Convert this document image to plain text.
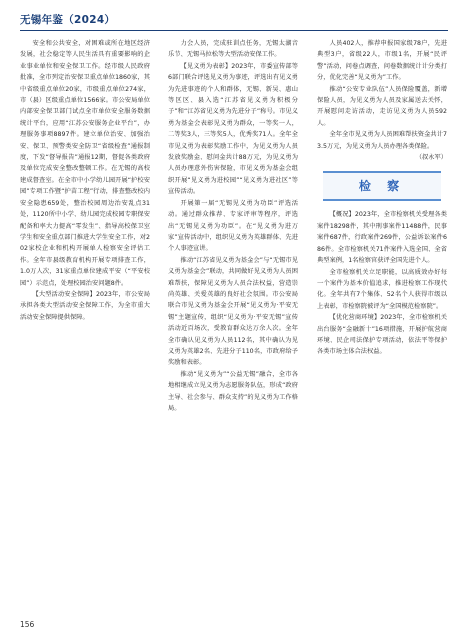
无锡年鉴（2024）

安全和公共安全，对困难或所在地区经济发展，社会稳定等人民生活具有重要影响的企业事业单位和安全保卫工作。经市级人民政府批准，全市列定治安保卫重点单位1860家，其中省级重点单位20家，市级重点单位274家，市（县）区级重点单位1566家。市公安局单位内部安全保卫部门试点全市单位安全服务数据统计平台，应用“江苏公安服务企业平台”，办理服务事项8897件。建立单位治安、加强治安、保卫、预警类安全防卫“省级检查”通报制度，下发“督导报告”通报12期，督促各类政府及单位完成安全整改整顿工作。在无锡的高校建成督查室。在全市中小学幼儿园开展“护校安园”专项工作暨“护苗工程”行动，排查整改校内安全隐患659处，整治校园周边治安乱点31处，1120所中小学、幼儿园完成校园专职保安配备和率大力提高“零发生”、指导高校保卫室学生和安全重点部门推进大学生安全工作，对202家校企业和机构开展单人检察安全评估工作。全年市县级教育机构开展专项排查工作，1.0万人次，31家重点单位建成平安（“平安校园”）示范点，处理校园治安问题8件。

【大型活动安全保障】2023年，市公安局承担各类大型活动安全保障工作，为全市重大活动安全保障提供保障。

力会人员，完成驻训点任务，无锡太湖音乐节、无锡马拉松等大型活动安保工作。

【见义勇为表彰】2023年，市委宣传部等6部门联合评选见义勇为事迹，评选出有见义勇为先进事迹的个人和群体，无锡、新吴、惠山等区区、县入选“江苏省见义勇为积极分子”和“江苏省见义勇为先进分子”称号。市见义勇为基金会表彰见义勇为群众，一等奖一人，二等奖3人，三等奖5人，优秀奖71人。全年全市见义勇为表彰奖励工作中，为见义勇为人员发放奖励金、慰问金共计88万元，为见义勇为人员办理意外伤害保险，市见义勇为基金会组织开展“见义勇为进校园”“见义勇为进社区”等宣传活动。

开展第一届“无锡见义勇为功臣”评选活动。通过群众推荐、专家评审等程序，评选出“无锡见义勇为功臣”。在“见义勇为进万家”宣传活动中，组织见义勇为英雄群体、先进个人事迹宣讲。

推动“江苏省见义勇为基金会”与“无锡市见义勇为基金会”联动，共同做好见义勇为人员困难帮扶，保障见义勇为人员合法权益，营造崇尚英雄、关爱英雄的良好社会氛围。市公安局联合市见义勇为基金会开展“见义勇为·平安无锡”主题宣传，组织“见义勇为·平安无锡”宣传活动近百场次，受教育群众达万余人次。全年全市确认见义勇为人员112名，其中确认为见义勇为英雄2名、先进分子110名，市政府给予奖励和表彰。

推动“见义勇为”“公益无锡”融合，全市各地相继成立见义勇为志愿服务队伍，形成“政府主导、社会参与、群众支持”的见义勇为工作格局。

人员402人，推荐申报国家级78户，先进典型3户，省级22人，市级1名，开展“民评警”活动，问卷点调查，问卷数据统计计分类打分，优化完善“见义勇为”工作。

推动“公安专业队伍”人员保险覆盖，新增保险人员，为见义勇为人员及家属送去关怀，开展慰问走访活动，走访见义勇为人员592人。

全年全市见义勇为人员困难帮扶资金共计73.5万元，为见义勇为人员办理各类保险。

（叔永军）

检 察

【概况】2023年，全市检察机关受理各类案件18298件，其中刑事案件11488件，民事案件687件，行政案件269件，公益诉讼案件686件。全市检察机关71件案件入选全国、全省典型案例，1名检察官获评全国先进个人。

全市检察机关立足职能，以高质效办好每一个案件为基本价值追求，推进检察工作现代化。全年共有7个集体、52名个人获得市级以上表彰，市检察院被评为“全国模范检察院”。

【优化营商环境】2023年，全市检察机关出台服务“金融新十”16项措施，开展护航营商环境、民企司法保护专项活动，依法平等保护各类市场主体合法权益。

156
